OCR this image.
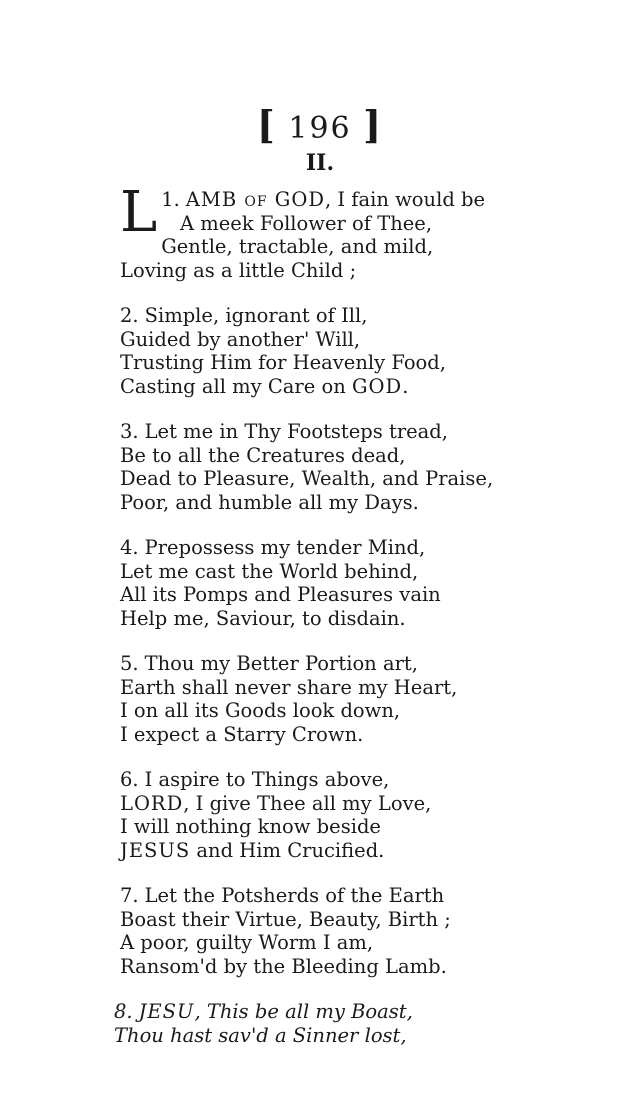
[ 196 ]
II.
1.
L AMB of GOD, I fain would be
A meek Follower of Thee,
Gentle, tractable, and mild,
Loving as a little Child ;
2. Simple, ignorant of Ill,
Guided by another' Will,
Trusting Him for Heavenly Food,
Casting all my Care on GOD.
3. Let me in Thy Footsteps tread,
Be to all the Creatures dead,
Dead to Pleasure, Wealth, and Praise,
Poor, and humble all my Days.
4. Prepossess my tender Mind,
Let me cast the World behind,
All its Pomps and Pleasures vain
Help me, Saviour, to disdain.
5. Thou my Better Portion art,
Earth shall never share my Heart,
I on all its Goods look down,
I expect a Starry Crown.
6. I aspire to Things above,
LORD, I give Thee all my Love,
I will nothing know beside
JESUS and Him Crucified.
7. Let the Potsherds of the Earth
Boast their Virtue, Beauty, Birth ;
A poor, guilty Worm I am,
Ransom'd by the Bleeding Lamb.
8. JESU, This be all my Boast,
Thou hast sav'd a Sinner lost,
